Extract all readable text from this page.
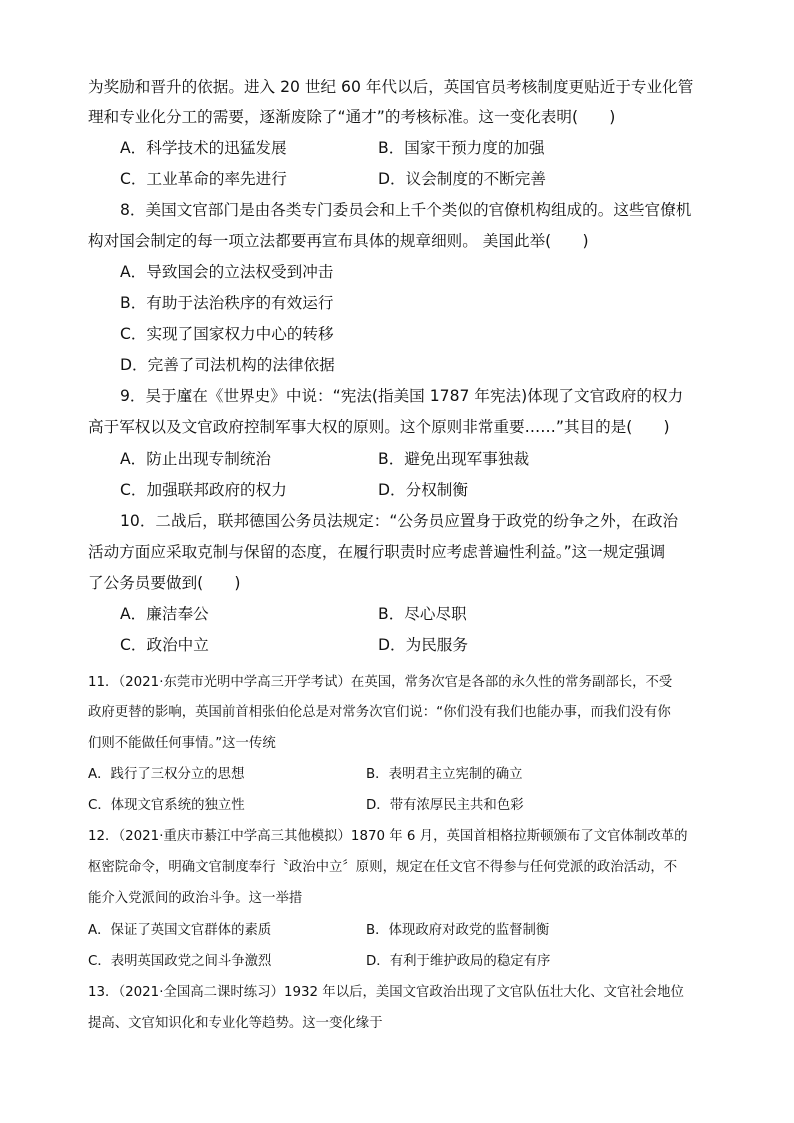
为奖励和晋升的依据。进入 20 世纪 60 年代以后，英国官员考核制度更贴近于专业化管
理和专业化分工的需要，逐渐废除了“通才”的考核标准。这一变化表明(　　)
A．科学技术的迅猛发展	B．国家干预力度的加强
C．工业革命的率先进行	D．议会制度的不断完善
8．美国文官部门是由各类专门委员会和上千个类似的官僚机构组成的。这些官僚机
构对国会制定的每一项立法都要再宣布具体的规章细则。 美国此举(　　)
A．导致国会的立法权受到冲击
B．有助于法治秩序的有效运行
C．实现了国家权力中心的转移
D．完善了司法机构的法律依据
9．吴于廑在《世界史》中说：“宪法(指美国 1787 年宪法)体现了文官政府的权力
高于军权以及文官政府控制军事大权的原则。这个原则非常重要……”其目的是(　　)
A．防止出现专制统治	B．避免出现军事独裁
C．加强联邦政府的权力	D．分权制衡
10．二战后，联邦德国公务员法规定：“公务员应置身于政党的纷争之外，在政治
活动方面应采取克制与保留的态度，在履行职责时应考虑普遍性利益。”这一规定强调
了公务员要做到(　　)
A．廉洁奉公	B．尽心尽职
C．政治中立	D．为民服务
11．（2021·东莞市光明中学高三开学考试）在英国，常务次官是各部的永久性的常务副部长，不受
政府更替的影响，英国前首相张伯伦总是对常务次官们说：“你们没有我们也能办事，而我们没有你
们则不能做任何事情。”这一传统
A．践行了三权分立的思想	B．表明君主立宪制的确立
C．体现文官系统的独立性	D．带有浓厚民主共和色彩
12．（2021·重庆市綦江中学高三其他模拟）1870 年 6 月，英国首相格拉斯顿颁布了文官体制改革的
枢密院命令，明确文官制度奉行〝政治中立〞原则，规定在任文官不得参与任何党派的政治活动，不
能介入党派间的政治斗争。这一举措
A．保证了英国文官群体的素质	B．体现政府对政党的监督制衡
C．表明英国政党之间斗争激烈	D．有利于维护政局的稳定有序
13．（2021·全国高二课时练习）1932 年以后，美国文官政治出现了文官队伍壮大化、文官社会地位
提高、文官知识化和专业化等趋势。这一变化缘于
